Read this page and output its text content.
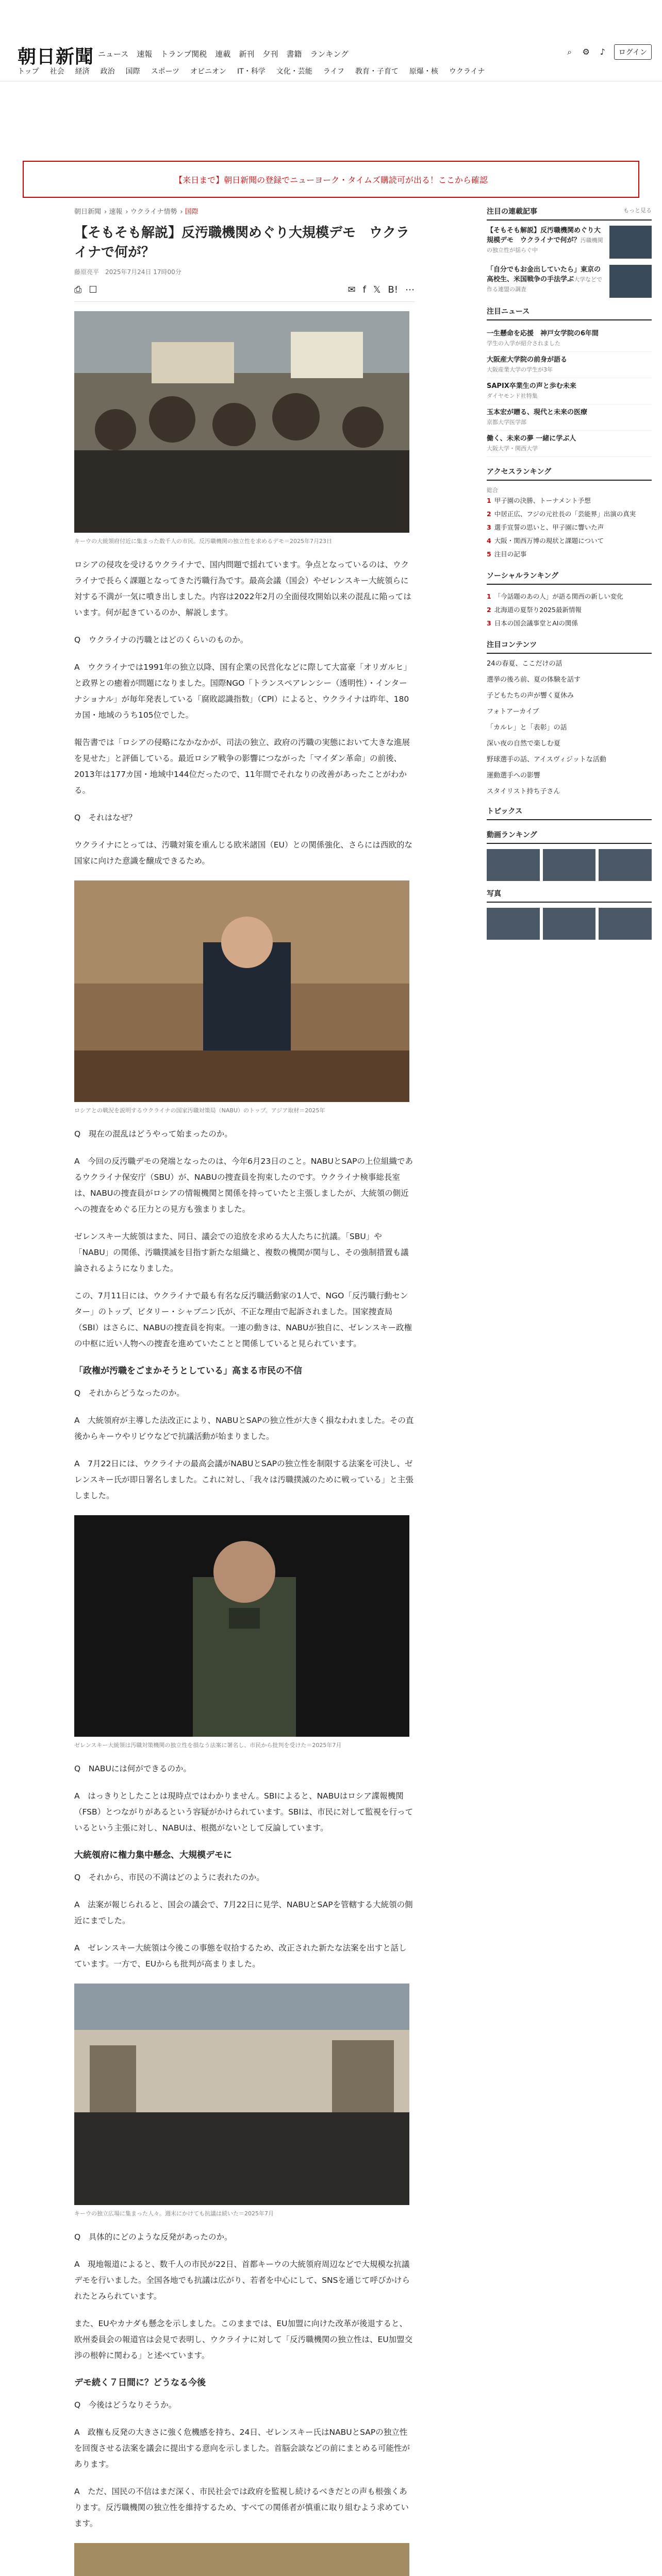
朝日新聞 ニュース 速報 トランプ関税 連載 新刊 夕刊 書籍 ランキング	⌕	⚙	♪	ログイン
トップ	社会	経済	政治	国際	スポーツ	オピニオン	IT・科学	文化・芸能	ライフ	教育・子育て	原爆・核	ウクライナ
【来日まで】朝日新聞の登録でニューヨーク・タイムズ購読可が出る！ここから確認
朝日新聞 › 速報 › ウクライナ情勢 › 国際
【そもそも解説】反汚職機関めぐり大規模デモ　ウクライナで何が？
藤原亮平　2025年7月24日 17時00分
⎙ ☐	✉ f 𝕏 B! ⋯
キーウの大統領府付近に集まった数千人の市民。反汚職機関の独立性を求めるデモ＝2025年7月23日

ロシアの侵攻を受けるウクライナで、国内問題で揺れています。争点となっているのは、ウクライナで長らく課題となってきた汚職行為です。最高会議（国会）やゼレンスキー大統領らに対する不満が一気に噴き出しました。内容は2022年2月の全面侵攻開始以来の混乱に陥ってはいます。何が起きているのか、解説します。

Q　ウクライナの汚職とはどのくらいのものか。

A　ウクライナでは1991年の独立以降、国有企業の民営化などに際して大富豪「オリガルヒ」と政界との癒着が問題になりました。国際NGO「トランスペアレンシー（透明性）・インターナショナル」が毎年発表している「腐敗認識指数」（CPI）によると、ウクライナは昨年、180カ国・地域のうち105位でした。

報告書では「ロシアの侵略になかなかが、司法の独立、政府の汚職の実態において大きな進展を見せた」と評価している。最近ロシア戦争の影響につながった「マイダン革命」の前後、2013年は177カ国・地域中144位だったので、11年間でそれなりの改善があったことがわかる。

Q　それはなぜ？

ウクライナにとっては、汚職対策を重んじる欧米諸国（EU）との関係強化、さらには西欧的な国家に向けた意識を醸成できるため。

ロシアとの戦況を説明するウクライナの国家汚職対策局（NABU）のトップ。アジア取材＝2025年

Q　現在の混乱はどうやって始まったのか。

A　今回の反汚職デモの発端となったのは、今年6月23日のこと。NABUとSAPの上位組織であるウクライナ保安庁（SBU）が、NABUの捜査員を拘束したのです。ウクライナ検事総長室は、NABUの捜査員がロシアの情報機関と関係を持っていたと主張しましたが、大統領の側近への捜査をめぐる圧力との見方も強まりました。

ゼレンスキー大統領はまた、同日、議会での追放を求める大人たちに抗議。「SBU」や「NABU」の関係、汚職撲滅を目指す新たな組織と、複数の機関が関与し、その強制措置も議論されるようになりました。

この、7月11日には、ウクライナで最も有名な反汚職活動家の1人で、NGO「反汚職行動センター」のトップ、ビタリー・シャブニン氏が、不正な理由で起訴されました。国家捜査局（SBI）はさらに、NABUの捜査員を拘束。一連の動きは、NABUが独自に、ゼレンスキー政権の中枢に近い人物への捜査を進めていたことと関係していると見られています。

「政権が汚職をごまかそうとしている」高まる市民の不信

Q　それからどうなったのか。

A　大統領府が主導した法改正により、NABUとSAPの独立性が大きく損なわれました。その直後からキーウやリビウなどで抗議活動が始まりました。

A　7月22日には、ウクライナの最高会議がNABUとSAPの独立性を制限する法案を可決し、ゼレンスキー氏が即日署名しました。これに対し、「我々は汚職撲滅のために戦っている」と主張しました。

ゼレンスキー大統領は汚職対策機関の独立性を損なう法案に署名し、市民から批判を受けた＝2025年7月

Q　NABUには何ができるのか。

A　はっきりとしたことは現時点ではわかりません。SBIによると、NABUはロシア諜報機関（FSB）とつながりがあるという容疑がかけられています。SBIは、市民に対して監視を行っているという主張に対し、NABUは、根拠がないとして反論しています。

大統領府に権力集中懸念、大規模デモに

Q　それから、市民の不満はどのように表れたのか。

A　法案が報じられると、国会の議会で、7月22日に見学、NABUとSAPを管轄する大統領の側近にまでした。

A　ゼレンスキー大統領は今後この事態を収拾するため、改正された新たな法案を出すと話しています。一方で、EUからも批判が高まりました。

キーウの独立広場に集まった人々。週末にかけても抗議は続いた＝2025年7月

Q　具体的にどのような反発があったのか。

A　現地報道によると、数千人の市民が22日、首都キーウの大統領府周辺などで大規模な抗議デモを行いました。全国各地でも抗議は広がり、若者を中心にして、SNSを通じて呼びかけられたとみられています。

また、EUやカナダも懸念を示しました。このままでは、EU加盟に向けた改革が後退すると、欧州委員会の報道官は会見で表明し、ウクライナに対して「反汚職機関の独立性は、EU加盟交渉の根幹に関わる」と述べています。

デモ続く７日間に？どうなる今後

Q　今後はどうなりそうか。

A　政権も反発の大きさに強く危機感を持ち、24日、ゼレンスキー氏はNABUとSAPの独立性を回復させる法案を議会に提出する意向を示しました。首脳会談などの前にまとめる可能性があります。

A　ただ、国民の不信はまだ深く、市民社会では政府を監視し続けるべきだとの声も根強くあります。反汚職機関の独立性を維持するため、すべての関係者が慎重に取り組むよう求めています。

注目の連載記事	もっと見る
【そもそも解説】反汚職機関めぐり大規模デモ　ウクライナで何が？汚職機関の独立性が揺らぐ中
「自分でもお金出していたら」東京の高校生、米国戦争の手法学ぶ大学などで作る連盟の調査
注目ニュース
一生懸命を応援　神戸女学院の6年間
学生の入学が紹介されました
大阪産大学院の前身が語る
大阪産業大学の学生が3年
SAPIX卒業生の声と歩む未来
ダイヤモンド社特集
玉本宏が贈る、現代と未来の医療
京都大学医学部
働く、未来の夢 一緒に学ぶ人
大阪大学・関西大学
アクセスランキング
総合
1 甲子園の決勝、トーナメント予想
2 中居正広、フジの元社長の「芸能界」出演の真実
3 選手宣誓の思いと、甲子園に響いた声
4 大阪・関西万博の現状と課題について
5 注目の記事
ソーシャルランキング
1 「今話題のあの人」が語る関西の新しい変化
2 北海道の夏祭り2025最新情報
3 日本の国会議事堂とAIの関係
注目コンテンツ
24の春夏、ここだけの話
選挙の後ろ前、夏の体験を話す
子どもたちの声が響く夏休み
フォトアーカイブ
「カルレ」と「表彰」の話
深い夜の自然で楽しむ夏
野球選手の話、アイスヴィジットな活動
運動選手への影響
スタイリスト持ち子さん
トピックス
動画ランキング
写真
